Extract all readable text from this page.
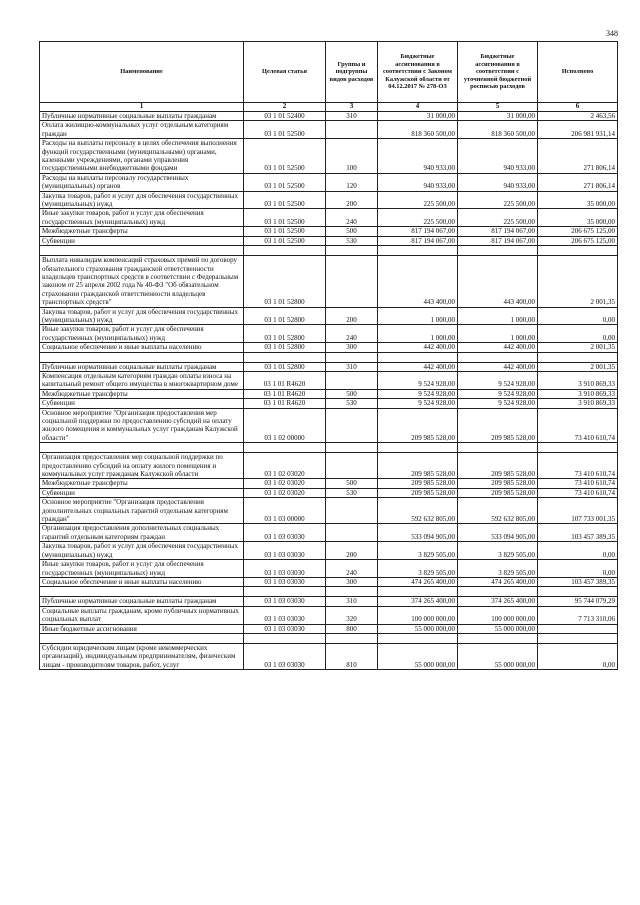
348
Наименование	Целевая статья	Группы и подгруппы видов расходов	Бюджетные ассигнования в соответствии с Законом Калужской области от 04.12.2017 № 278-ОЗ	Бюджетные ассигнования в соответствии с уточненной бюджетной росписью расходов	Исполнено
1	2	3	4	5	6
Публичные нормативные социальные выплаты гражданам	03 1 01 52400	310	31 000,00	31 000,00	2 463,56
Оплата жилищно-коммунальных услуг отдельным категориям граждан	03 1 01 52500		818 360 500,00	818 360 500,00	206 981 931,14
Расходы на выплаты персоналу в целях обеспечения выполнения функций государственными (муниципальными) органами, казенными учреждениями, органами управления государственными внебюджетными фондами	03 1 01 52500	100	940 933,00	940 933,00	271 806,14
Расходы на выплаты персоналу государственных (муниципальных) органов	03 1 01 52500	120	940 933,00	940 933,00	271 806,14
Закупка товаров, работ и услуг для обеспечения государственных (муниципальных) нужд	03 1 01 52500	200	225 500,00	225 500,00	35 000,00
Иные закупки товаров, работ и услуг для обеспечения государственных (муниципальных) нужд	03 1 01 52500	240	225 500,00	225 500,00	35 000,00
Межбюджетные трансферты	03 1 01 52500	500	817 194 067,00	817 194 067,00	206 675 125,00
Субвенции	03 1 01 52500	530	817 194 067,00	817 194 067,00	206 675 125,00

Выплата инвалидам компенсаций страховых премий по договору обязательного страхования гражданской ответственности владельцев транспортных средств в соответствии с Федеральным законом от 25 апреля 2002 года № 40-ФЗ "Об обязательном страховании гражданской ответственности владельцев транспортных средств"	03 1 01 52800		443 400,00	443 400,00	2 001,35
Закупка товаров, работ и услуг для обеспечения государственных (муниципальных) нужд	03 1 01 52800	200	1 000,00	1 000,00	0,00
Иные закупки товаров, работ и услуг для обеспечения государственных (муниципальных) нужд	03 1 01 52800	240	1 000,00	1 000,00	0,00
Социальное обеспечение и иные выплаты населению	03 1 01 52800	300	442 400,00	442 400,00	2 001,35

Публичные нормативные социальные выплаты гражданам	03 1 01 52800	310	442 400,00	442 400,00	2 001,35
Компенсация отдельным категориям граждан оплаты взноса на капитальный ремонт общего имущества в многоквартирном доме	03 1 01 R4620		9 524 928,00	9 524 928,00	3 910 869,33
Межбюджетные трансферты	03 1 01 R4620	500	9 524 928,00	9 524 928,00	3 910 869,33
Субвенции	03 1 01 R4620	530	9 524 928,00	9 524 928,00	3 910 869,33
Основное мероприятие "Организация предоставления мер социальной поддержки по предоставлению субсидий на оплату жилого помещения и коммунальных услуг гражданам Калужской области"	03 1 02 00000		209 985 528,00	209 985 528,00	73 410 610,74

Организация предоставления мер социальной поддержки по предоставлению субсидий на оплату жилого помещения и коммунальных услуг гражданам Калужской области	03 1 02 03020		209 985 528,00	209 985 528,00	73 410 610,74
Межбюджетные трансферты	03 1 02 03020	500	209 985 528,00	209 985 528,00	73 410 610,74
Субвенции	03 1 02 03020	530	209 985 528,00	209 985 528,00	73 410 610,74
Основное мероприятие "Организация предоставления дополнительных социальных гарантий отдельным категориям граждан"	03 1 03 00000		592 632 805,00	592 632 805,00	107 733 001,35
Организация предоставления дополнительных социальных гарантий отдельным категориям граждан	03 1 03 03030		533 094 905,00	533 094 905,00	103 457 389,35
Закупка товаров, работ и услуг для обеспечения государственных (муниципальных) нужд	03 1 03 03030	200	3 829 505,00	3 829 505,00	0,00
Иные закупки товаров, работ и услуг для обеспечения государственных (муниципальных) нужд	03 1 03 03030	240	3 829 505,00	3 829 505,00	0,00
Социальное обеспечение и иные выплаты населению	03 1 03 03030	300	474 265 400,00	474 265 400,00	103 457 389,35

Публичные нормативные социальные выплаты гражданам	03 1 03 03030	310	374 265 400,00	374 265 400,00	95 744 079,29
Социальные выплаты гражданам, кроме публичных нормативных социальных выплат	03 1 03 03030	320	100 000 000,00	100 000 000,00	7 713 310,06
Иные бюджетные ассигнования	03 1 03 03030	800	55 000 000,00	55 000 000,00	

Субсидии юридическим лицам (кроме некоммерческих организаций), индивидуальным предпринимателям, физическим лицам - производителям товаров, работ, услуг	03 1 03 03030	810	55 000 000,00	55 000 000,00	0,00
